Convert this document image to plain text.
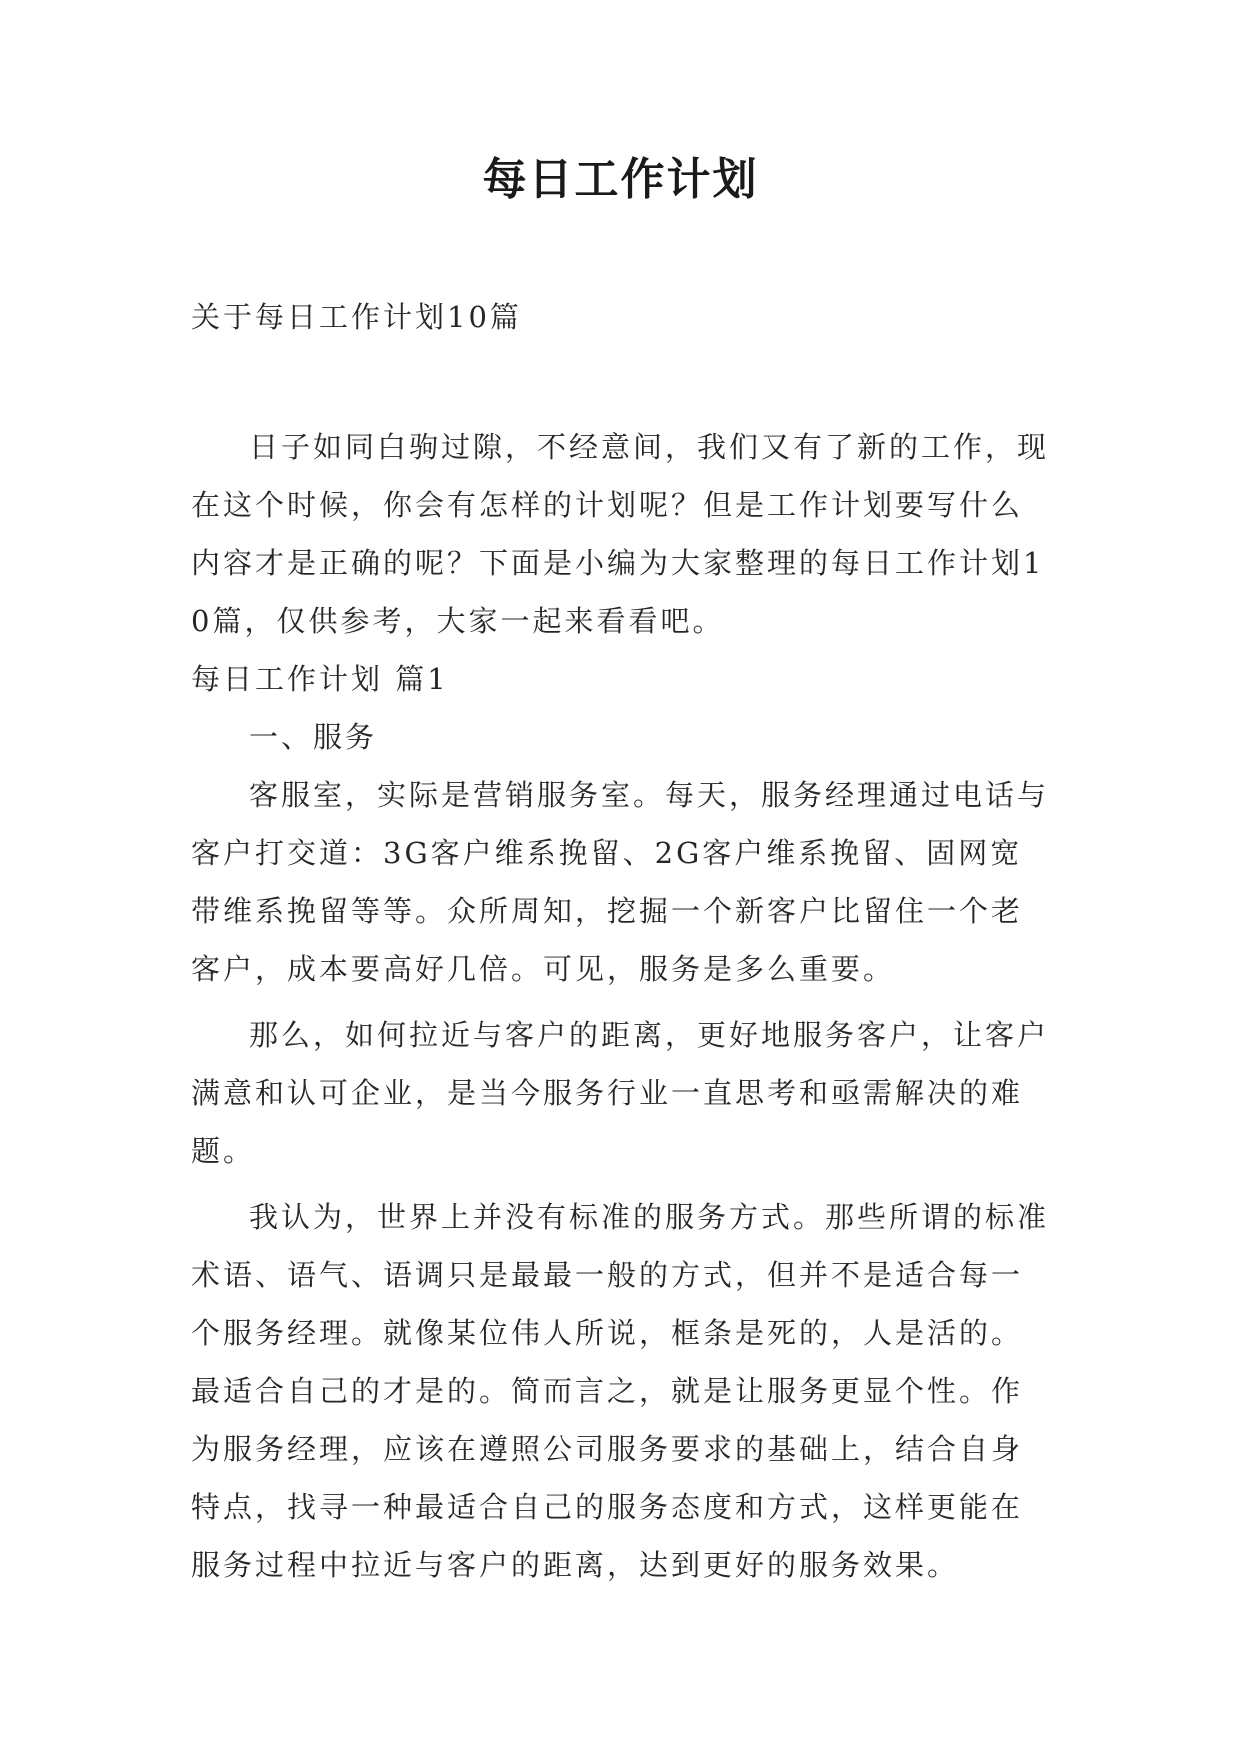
每日工作计划

关于每日工作计划10篇

日子如同白驹过隙，不经意间，我们又有了新的工作，现在这个时候，你会有怎样的计划呢？但是工作计划要写什么内容才是正确的呢？下面是小编为大家整理的每日工作计划10篇，仅供参考，大家一起来看看吧。

每日工作计划 篇1

一、服务

客服室，实际是营销服务室。每天，服务经理通过电话与客户打交道：3G客户维系挽留、2G客户维系挽留、固网宽带维系挽留等等。众所周知，挖掘一个新客户比留住一个老客户，成本要高好几倍。可见，服务是多么重要。

那么，如何拉近与客户的距离，更好地服务客户，让客户满意和认可企业，是当今服务行业一直思考和亟需解决的难题。

我认为，世界上并没有标准的服务方式。那些所谓的标准术语、语气、语调只是最最一般的方式，但并不是适合每一个服务经理。就像某位伟人所说，框条是死的，人是活的。最适合自己的才是的。简而言之，就是让服务更显个性。作为服务经理，应该在遵照公司服务要求的基础上，结合自身特点，找寻一种最适合自己的服务态度和方式，这样更能在服务过程中拉近与客户的距离，达到更好的服务效果。
